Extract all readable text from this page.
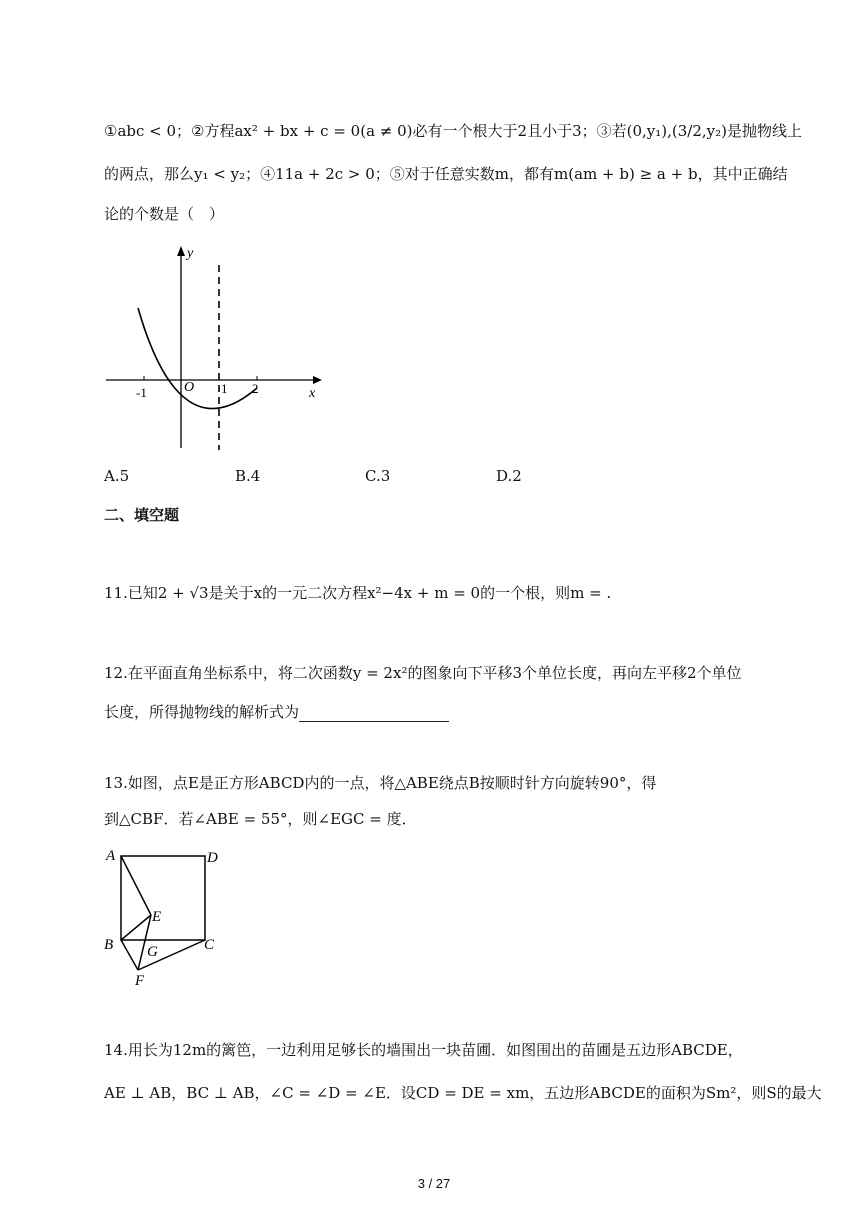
①abc < 0；②方程ax² + bx + c = 0(a ≠ 0)必有一个根大于2且小于3；③若(0,y₁),(3/2,y₂)是抛物线上
的两点，那么y₁ < y₂；④11a + 2c > 0；⑤对于任意实数m，都有m(am + b) ≥ a + b，其中正确结
论的个数是（　）
-1	O 1 2	x
y
A.5	B.4	C.3	D.2
二、填空题
11.已知2 + √3是关于x的一元二次方程x²−4x + m = 0的一个根，则m = .
12.在平面直角坐标系中，将二次函数y = 2x²的图象向下平移3个单位长度，再向左平移2个单位
长度，所得抛物线的解析式为
13.如图，点E是正方形ABCD内的一点，将△ABE绕点B按顺时针方向旋转90°，得
到△CBF．若∠ABE = 55°，则∠EGC = 度．
A	D
E
B G	C
F
14.用长为12m的篱笆，一边利用足够长的墙围出一块苗圃．如图围出的苗圃是五边形ABCDE，
AE ⊥ AB，BC ⊥ AB，∠C = ∠D = ∠E．设CD = DE = xm，五边形ABCDE的面积为Sm²，则S的最大
3 / 27
